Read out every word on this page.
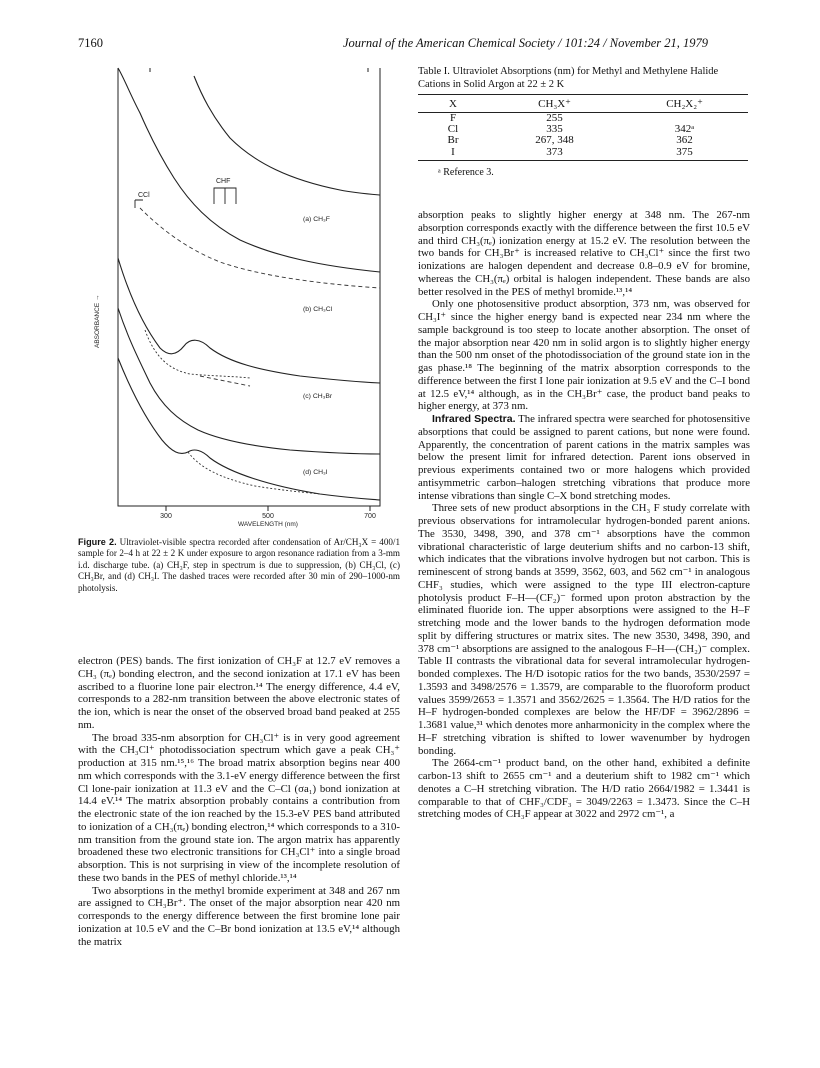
7160	Journal of the American Chemical Society / 101:24 / November 21, 1979
ABSORBANCE →
CCl
CHF
(a) CH₃F
(b) CH₃Cl
(c) CH₃Br
(d) CH₃I
300	500	700
WAVELENGTH (nm)
Figure 2. Ultraviolet-visible spectra recorded after condensation of Ar/CH₃X = 400/1 sample for 2–4 h at 22 ± 2 K under exposure to argon resonance radiation from a 3-mm i.d. discharge tube. (a) CH₃F, step in spectrum is due to suppression, (b) CH₃Cl, (c) CH₃Br, and (d) CH₃I. The dashed traces were recorded after 30 min of 290–1000-nm photolysis.

Table I. Ultraviolet Absorptions (nm) for Methyl and Methylene Halide Cations in Solid Argon at 22 ± 2 K

X	CH₃X⁺	CH₂X₂⁺
F	255	
Cl	335	342ᵃ
Br	267, 348	362
I	373	375
ᵃ Reference 3.

electron (PES) bands. The first ionization of CH₃F at 12.7 eV removes a CH₃ (πₑ) bonding electron, and the second ionization at 17.1 eV has been ascribed to a fluorine lone pair electron.¹⁴ The energy difference, 4.4 eV, corresponds to a 282-nm transition between the above electronic states of the ion, which is near the onset of the observed broad band peaked at 255 nm.

The broad 335-nm absorption for CH₃Cl⁺ is in very good agreement with the CH₃Cl⁺ photodissociation spectrum which gave a peak CH₃⁺ production at 315 nm.¹⁵,¹⁶ The broad matrix absorption begins near 400 nm which corresponds with the 3.1-eV energy difference between the first Cl lone-pair ionization at 11.3 eV and the C–Cl (σa₁) bond ionization at 14.4 eV.¹⁴ The matrix absorption probably contains a contribution from the electronic state of the ion reached by the 15.3-eV PES band attributed to ionization of a CH₃(πₑ) bonding electron,¹⁴ which corresponds to a 310-nm transition from the ground state ion. The argon matrix has apparently broadened these two electronic transitions for CH₃Cl⁺ into a single broad absorption. This is not surprising in view of the incomplete resolution of these two bands in the PES of methyl chloride.¹³,¹⁴

Two absorptions in the methyl bromide experiment at 348 and 267 nm are assigned to CH₃Br⁺. The onset of the major absorption near 420 nm corresponds to the energy difference between the first bromine lone pair ionization at 10.5 eV and the C–Br bond ionization at 13.5 eV,¹⁴ although the matrix

absorption peaks to slightly higher energy at 348 nm. The 267-nm absorption corresponds exactly with the difference between the first 10.5 eV and third CH₃(πₑ) ionization energy at 15.2 eV. The resolution between the two bands for CH₃Br⁺ is increased relative to CH₃Cl⁺ since the first two ionizations are halogen dependent and decrease 0.8–0.9 eV for bromine, whereas the CH₃(πₑ) orbital is halogen independent. These bands are also better resolved in the PES of methyl bromide.¹³,¹⁴

Only one photosensitive product absorption, 373 nm, was observed for CH₃I⁺ since the higher energy band is expected near 234 nm where the sample background is too steep to locate another absorption. The onset of the major absorption near 420 nm in solid argon is to slightly higher energy than the 500 nm onset of the photodissociation of the ground state ion in the gas phase.¹⁸ The beginning of the matrix absorption corresponds to the difference between the first I lone pair ionization at 9.5 eV and the C–I bond at 12.5 eV,¹⁴ although, as in the CH₃Br⁺ case, the product band peaks to higher energy, at 373 nm.

Infrared Spectra. The infrared spectra were searched for photosensitive absorptions that could be assigned to parent cations, but none were found. Apparently, the concentration of parent cations in the matrix samples was below the present limit for infrared detection. Parent ions observed in previous experiments contained two or more halogens which provided antisymmetric carbon–halogen stretching vibrations that produce more intense vibrations than single C–X bond stretching modes.

Three sets of new product absorptions in the CH₃ F study correlate with previous observations for intramolecular hydrogen-bonded parent anions. The 3530, 3498, 390, and 378 cm⁻¹ absorptions have the common vibrational characteristic of large deuterium shifts and no carbon-13 shift, which indicates that the vibrations involve hydrogen but not carbon. This is reminescent of strong bands at 3599, 3562, 603, and 562 cm⁻¹ in analogous CHF₃ studies, which were assigned to the type III electron-capture photolysis product F–H—(CF₂)⁻ formed upon proton abstraction by the eliminated fluoride ion. The upper absorptions were assigned to the H–F stretching mode and the lower bands to the hydrogen deformation mode split by differing structures or matrix sites. The new 3530, 3498, 390, and 378 cm⁻¹ absorptions are assigned to the analogous F–H—(CH₂)⁻ complex. Table II contrasts the vibrational data for several intramolecular hydrogen-bonded complexes. The H/D isotopic ratios for the two bands, 3530/2597 = 1.3593 and 3498/2576 = 1.3579, are comparable to the fluoroform product values 3599/2653 = 1.3571 and 3562/2625 = 1.3564. The H/D ratios for the H–F hydrogen-bonded complexes are below the HF/DF = 3962/2896 = 1.3681 value,³¹ which denotes more anharmonicity in the complex where the H–F stretching vibration is shifted to lower wavenumber by hydrogen bonding.

The 2664-cm⁻¹ product band, on the other hand, exhibited a definite carbon-13 shift to 2655 cm⁻¹ and a deuterium shift to 1982 cm⁻¹ which denotes a C–H stretching vibration. The H/D ratio 2664/1982 = 1.3441 is comparable to that of CHF₃/CDF₃ = 3049/2263 = 1.3473. Since the C–H stretching modes of CH₃F appear at 3022 and 2972 cm⁻¹, a
